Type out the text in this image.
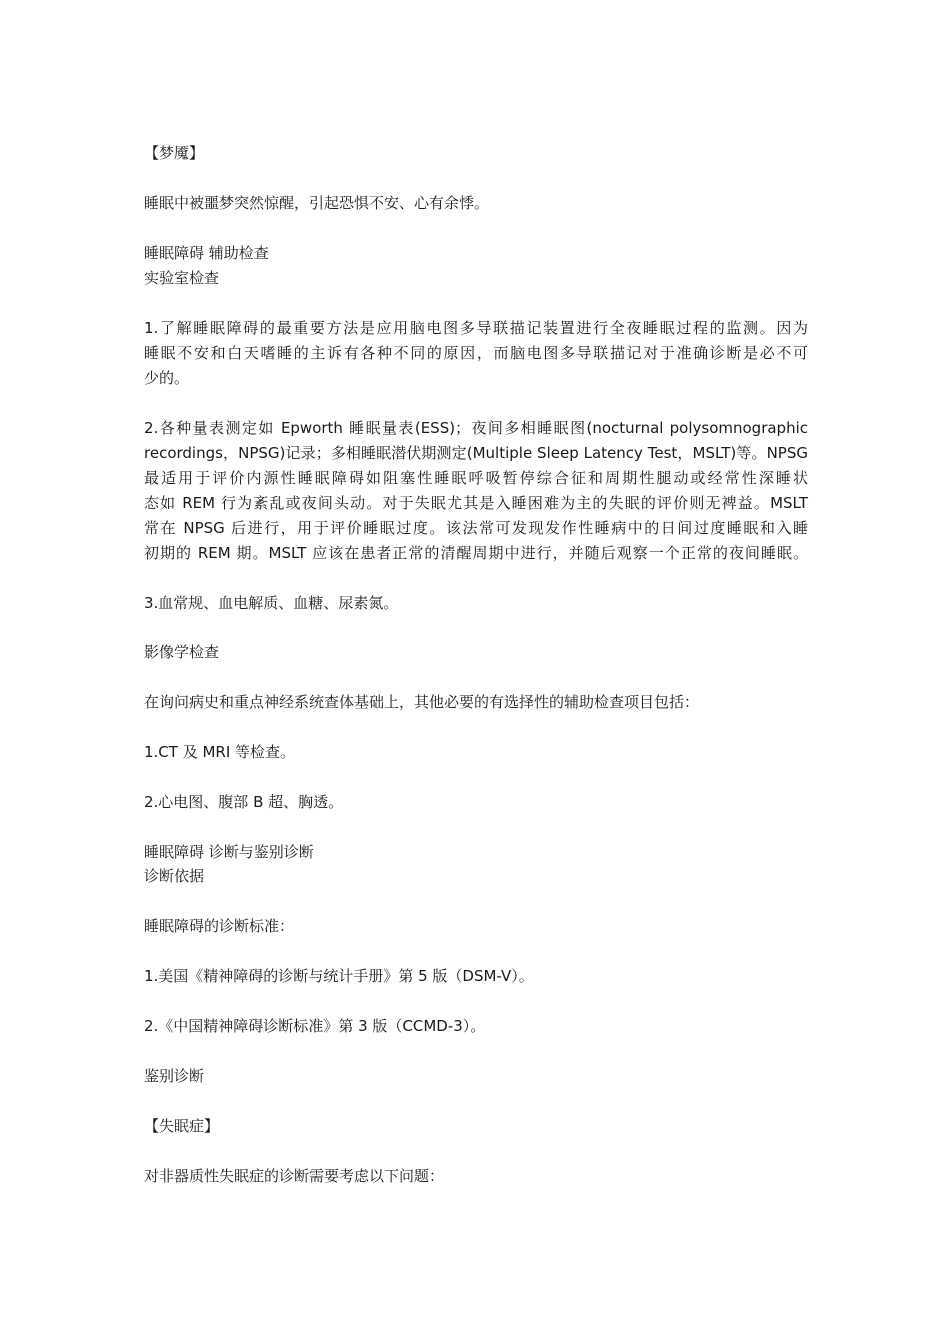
【梦魇】

睡眠中被噩梦突然惊醒，引起恐惧不安、心有余悸。

睡眠障碍 辅助检查

实验室检查

1.了解睡眠障碍的最重要方法是应用脑电图多导联描记装置进行全夜睡眠过程的监测。因为

睡眠不安和白天嗜睡的主诉有各种不同的原因，而脑电图多导联描记对于准确诊断是必不可

少的。

2.各种量表测定如 Epworth 睡眠量表(ESS)；夜间多相睡眠图(nocturnal polysomnographic

recordings，NPSG)记录；多相睡眠潜伏期测定(Multiple Sleep Latency Test，MSLT)等。NPSG

最适用于评价内源性睡眠障碍如阻塞性睡眠呼吸暂停综合征和周期性腿动或经常性深睡状

态如 REM 行为紊乱或夜间头动。对于失眠尤其是入睡困难为主的失眠的评价则无裨益。MSLT

常在 NPSG 后进行，用于评价睡眠过度。该法常可发现发作性睡病中的日间过度睡眠和入睡

初期的 REM 期。MSLT 应该在患者正常的清醒周期中进行，并随后观察一个正常的夜间睡眠。

3.血常规、血电解质、血糖、尿素氮。

影像学检查

在询问病史和重点神经系统查体基础上，其他必要的有选择性的辅助检查项目包括：

1.CT 及 MRI 等检查。

2.心电图、腹部 B 超、胸透。

睡眠障碍 诊断与鉴别诊断

诊断依据

睡眠障碍的诊断标准：

1.美国《精神障碍的诊断与统计手册》第 5 版（DSM-V）。

2.《中国精神障碍诊断标准》第 3 版（CCMD-3）。

鉴别诊断

【失眠症】

对非器质性失眠症的诊断需要考虑以下问题：
